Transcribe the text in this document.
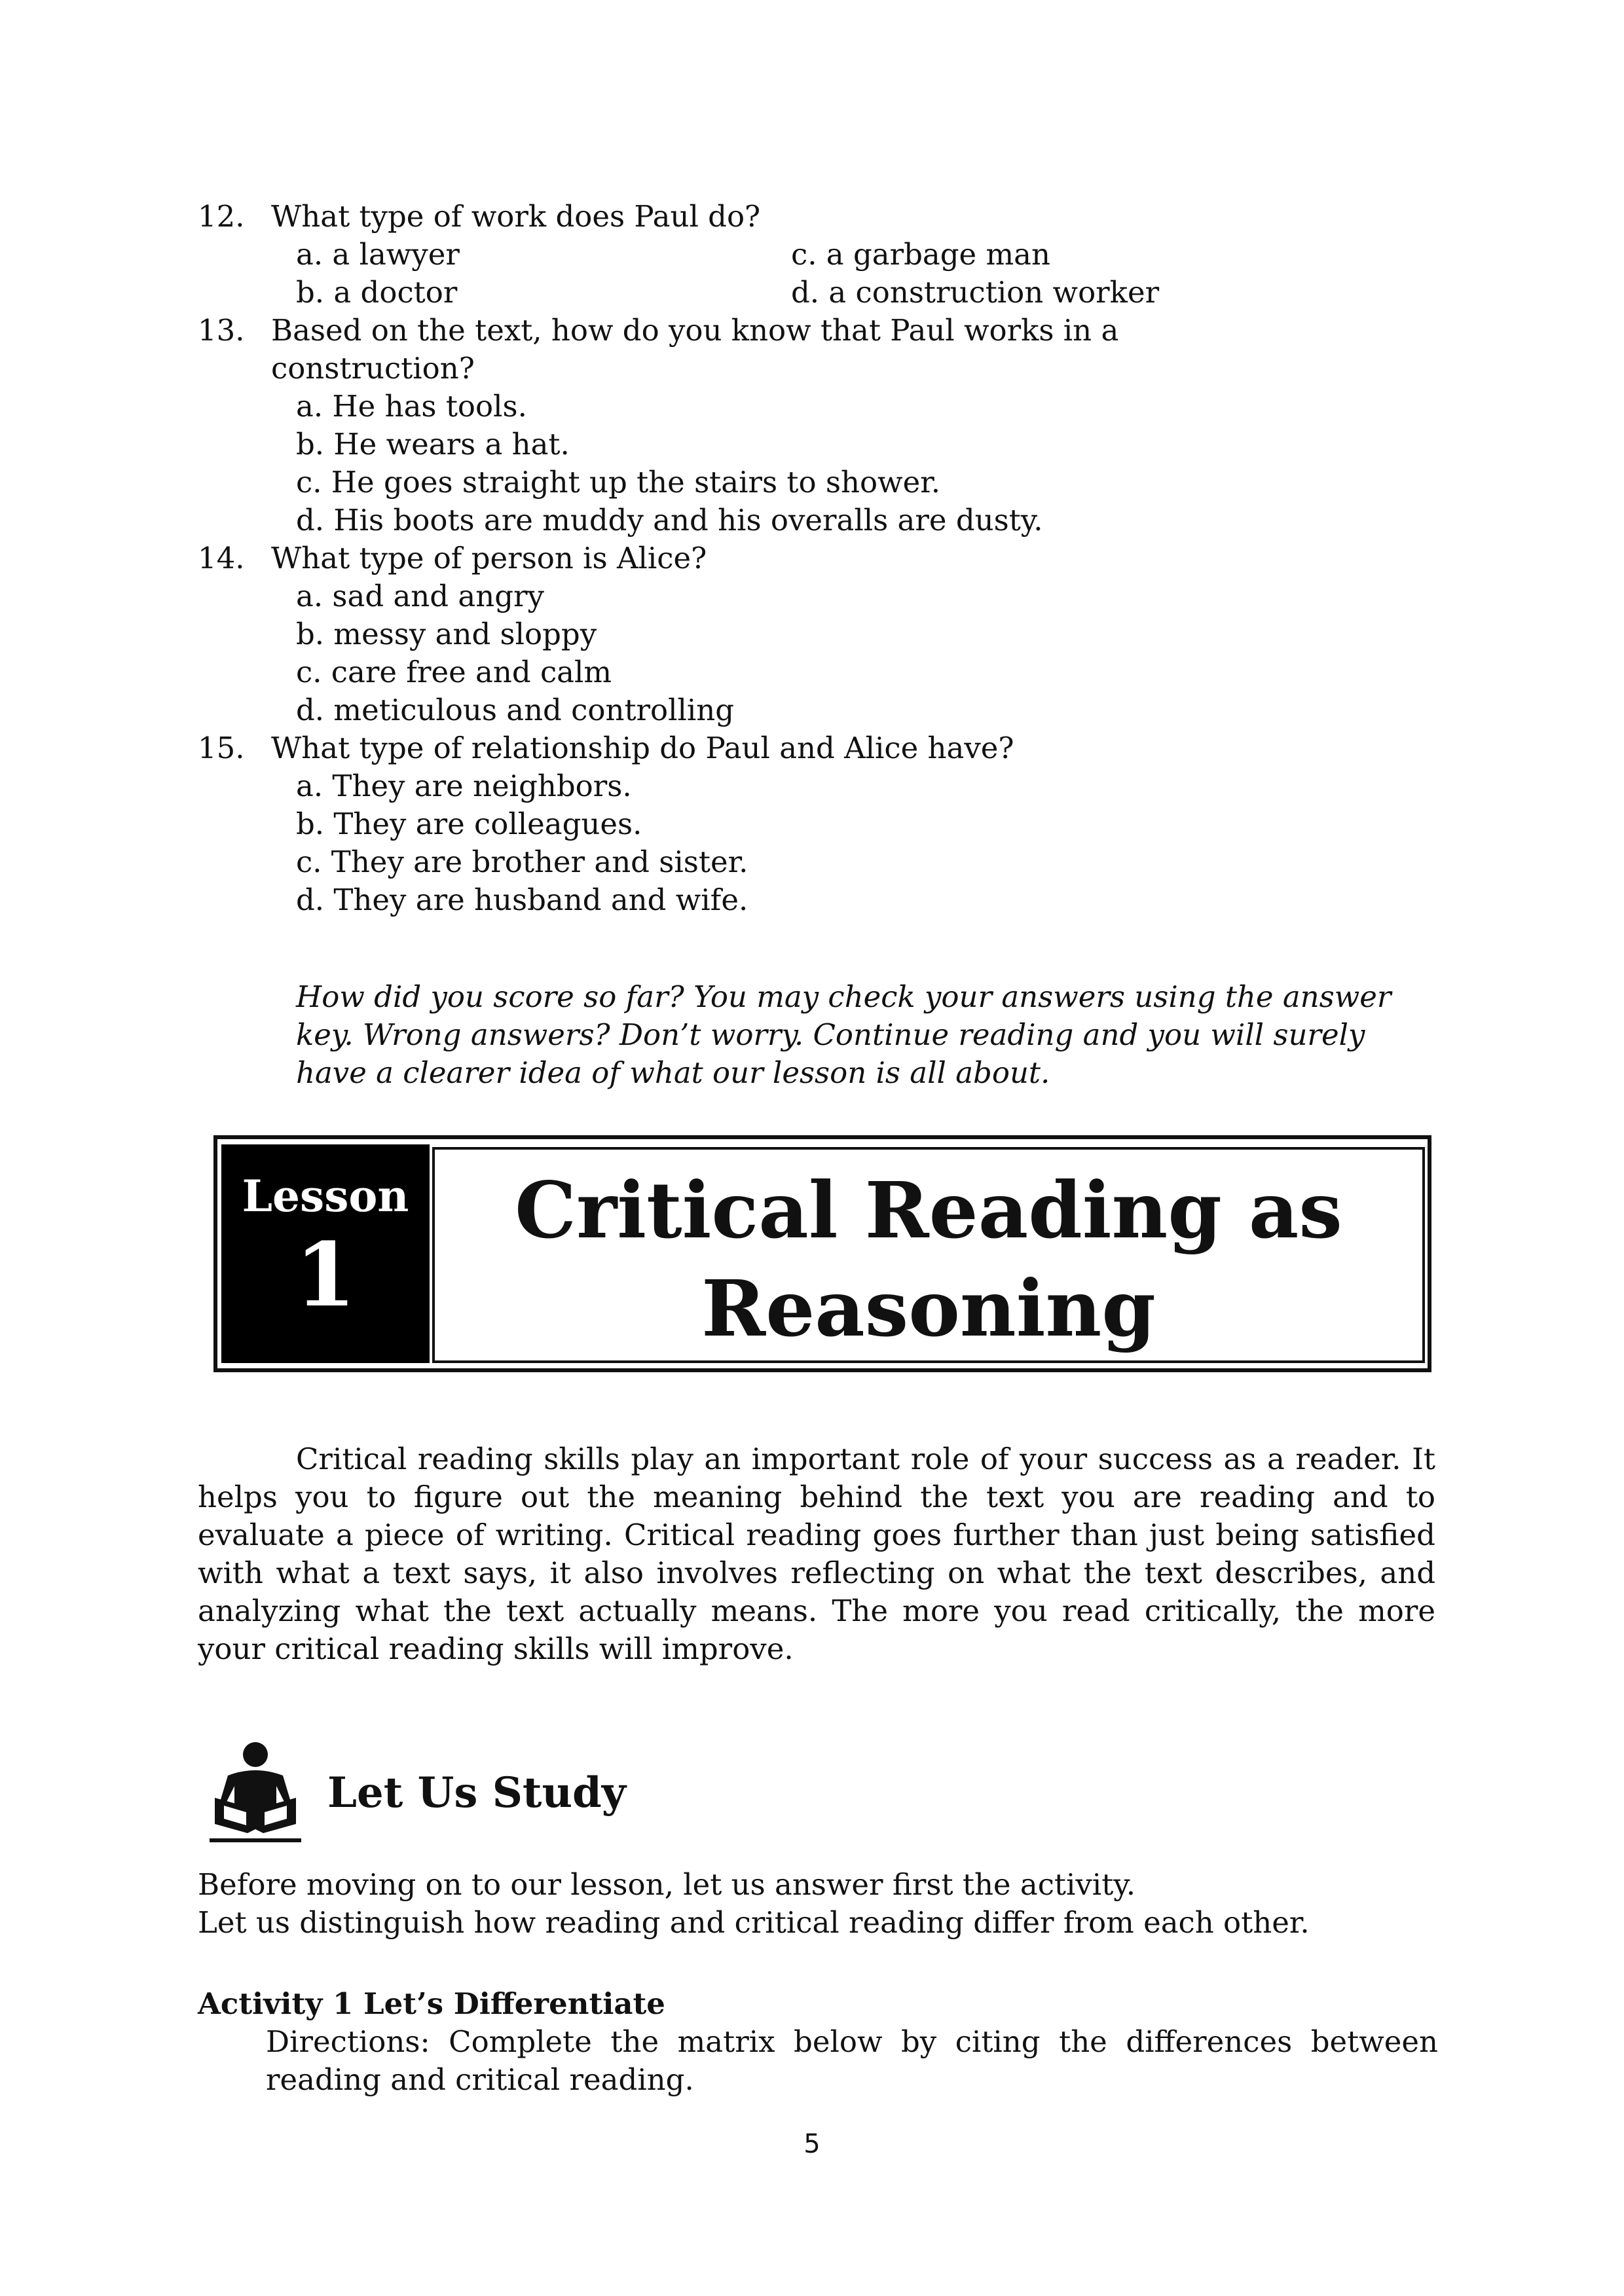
12. What type of work does Paul do?
a. a lawyer	c. a garbage man
b. a doctor	d. a construction worker
13. Based on the text, how do you know that Paul works in a
construction?
a. He has tools.
b. He wears a hat.
c. He goes straight up the stairs to shower.
d. His boots are muddy and his overalls are dusty.
14. What type of person is Alice?
a. sad and angry
b. messy and sloppy
c. care free and calm
d. meticulous and controlling
15. What type of relationship do Paul and Alice have?
a. They are neighbors.
b. They are colleagues.
c. They are brother and sister.
d. They are husband and wife.
How did you score so far? You may check your answers using the answer key. Wrong answers? Don’t worry. Continue reading and you will surely have a clearer idea of what our lesson is all about.
Lesson
1
Critical Reading as
Reasoning
Critical reading skills play an important role of your success as a reader. It helps you to figure out the meaning behind the text you are reading and to evaluate a piece of writing. Critical reading goes further than just being satisfied with what a text says, it also involves reflecting on what the text describes, and analyzing what the text actually means. The more you read critically, the more your critical reading skills will improve.
Let Us Study
Before moving on to our lesson, let us answer first the activity.
Let us distinguish how reading and critical reading differ from each other.
Activity 1 Let’s Differentiate
Directions: Complete the matrix below by citing the differences between reading and critical reading.
5
